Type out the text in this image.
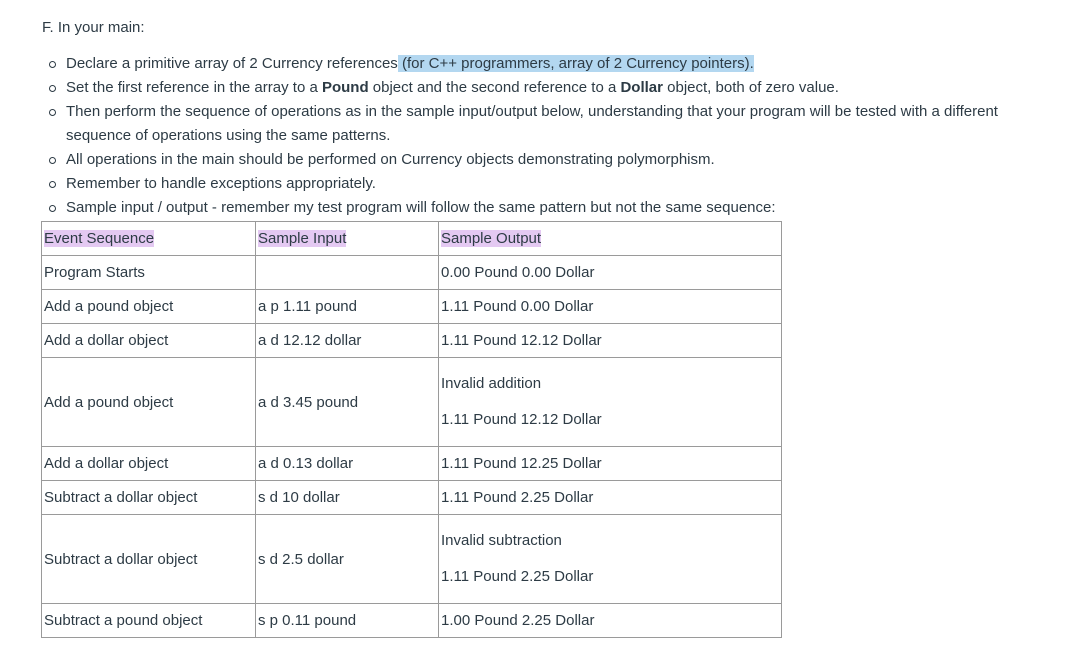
F. In your main:

Declare a primitive array of 2 Currency references (for C++ programmers, array of 2 Currency pointers).
Set the first reference in the array to a Pound object and the second reference to a Dollar object, both of zero value.
Then perform the sequence of operations as in the sample input/output below, understanding that your program will be tested with a different
sequence of operations using the same patterns.
All operations in the main should be performed on Currency objects demonstrating polymorphism.
Remember to handle exceptions appropriately.
Sample input / output - remember my test program will follow the same pattern but not the same sequence:
Event Sequence	Sample Input	Sample Output
Program Starts		0.00 Pound 0.00 Dollar
Add a pound object	a p 1.11 pound	1.11 Pound 0.00 Dollar
Add a dollar object	a d 12.12 dollar	1.11 Pound 12.12 Dollar
Add a pound object	a d 3.45 pound	Invalid addition
1.11 Pound 12.12 Dollar

Add a dollar object	a d 0.13 dollar	1.11 Pound 12.25 Dollar
Subtract a dollar object	s d 10 dollar	1.11 Pound 2.25 Dollar
Subtract a dollar object	s d 2.5 dollar	Invalid subtraction
1.11 Pound 2.25 Dollar

Subtract a pound object	s p 0.11 pound	1.00 Pound 2.25 Dollar
